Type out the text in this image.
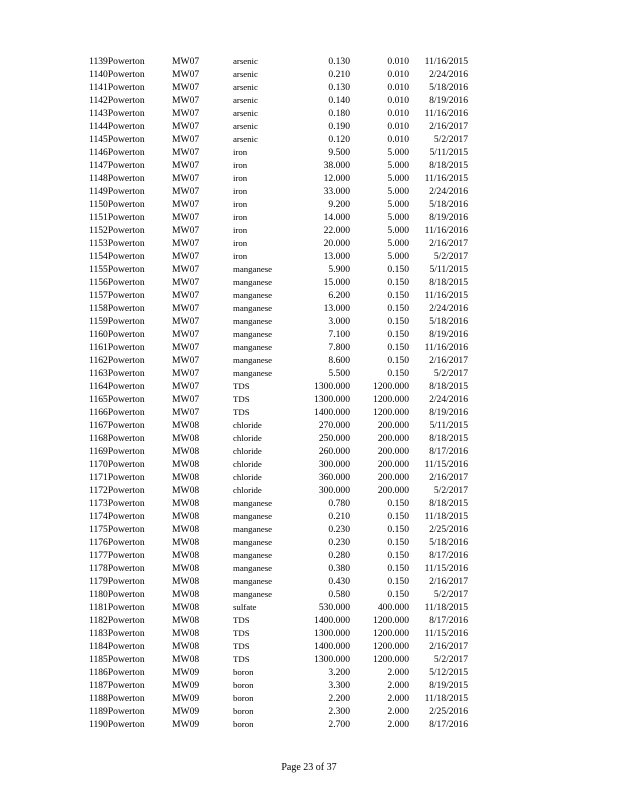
1139Powerton	MW07	arsenic	0.130	0.010 11/16/2015
1140Powerton	MW07	arsenic	0.210	0.010 2/24/2016
1141Powerton	MW07	arsenic	0.130	0.010 5/18/2016
1142Powerton	MW07	arsenic	0.140	0.010 8/19/2016
1143Powerton	MW07	arsenic	0.180	0.010 11/16/2016
1144Powerton	MW07	arsenic	0.190	0.010 2/16/2017
1145Powerton	MW07	arsenic	0.120	0.010	5/2/2017
1146Powerton	MW07	iron	9.500	5.000 5/11/2015
1147Powerton	MW07	iron	38.000	5.000 8/18/2015
1148Powerton	MW07	iron	12.000	5.000 11/16/2015
1149Powerton	MW07	iron	33.000	5.000 2/24/2016
1150Powerton	MW07	iron	9.200	5.000 5/18/2016
1151Powerton	MW07	iron	14.000	5.000 8/19/2016
1152Powerton	MW07	iron	22.000	5.000 11/16/2016
1153Powerton	MW07	iron	20.000	5.000 2/16/2017
1154Powerton	MW07	iron	13.000	5.000	5/2/2017
1155Powerton	MW07	manganese	5.900	0.150 5/11/2015
1156Powerton	MW07	manganese	15.000	0.150 8/18/2015
1157Powerton	MW07	manganese	6.200	0.150 11/16/2015
1158Powerton	MW07	manganese	13.000	0.150 2/24/2016
1159Powerton	MW07	manganese	3.000	0.150 5/18/2016
1160Powerton	MW07	manganese	7.100	0.150 8/19/2016
1161Powerton	MW07	manganese	7.800	0.150 11/16/2016
1162Powerton	MW07	manganese	8.600	0.150 2/16/2017
1163Powerton	MW07	manganese	5.500	0.150	5/2/2017
1164Powerton	MW07	TDS	1300.000 1200.000 8/18/2015
1165Powerton	MW07	TDS	1300.000 1200.000 2/24/2016
1166Powerton	MW07	TDS	1400.000 1200.000 8/19/2016
1167Powerton	MW08	chloride	270.000	200.000 5/11/2015
1168Powerton	MW08	chloride	250.000	200.000 8/18/2015
1169Powerton	MW08	chloride	260.000	200.000 8/17/2016
1170Powerton	MW08	chloride	300.000	200.000 11/15/2016
1171Powerton	MW08	chloride	360.000	200.000 2/16/2017
1172Powerton	MW08	chloride	300.000	200.000	5/2/2017
1173Powerton	MW08	manganese	0.780	0.150 8/18/2015
1174Powerton	MW08	manganese	0.210	0.150 11/18/2015
1175Powerton	MW08	manganese	0.230	0.150 2/25/2016
1176Powerton	MW08	manganese	0.230	0.150 5/18/2016
1177Powerton	MW08	manganese	0.280	0.150 8/17/2016
1178Powerton	MW08	manganese	0.380	0.150 11/15/2016
1179Powerton	MW08	manganese	0.430	0.150 2/16/2017
1180Powerton	MW08	manganese	0.580	0.150	5/2/2017
1181Powerton	MW08	sulfate	530.000	400.000 11/18/2015
1182Powerton	MW08	TDS	1400.000 1200.000 8/17/2016
1183Powerton	MW08	TDS	1300.000 1200.000 11/15/2016
1184Powerton	MW08	TDS	1400.000 1200.000 2/16/2017
1185Powerton	MW08	TDS	1300.000 1200.000	5/2/2017
1186Powerton	MW09	boron	3.200	2.000 5/12/2015
1187Powerton	MW09	boron	3.300	2.000 8/19/2015
1188Powerton	MW09	boron	2.200	2.000 11/18/2015
1189Powerton	MW09	boron	2.300	2.000 2/25/2016
1190Powerton	MW09	boron	2.700	2.000 8/17/2016
Page 23 of 37
